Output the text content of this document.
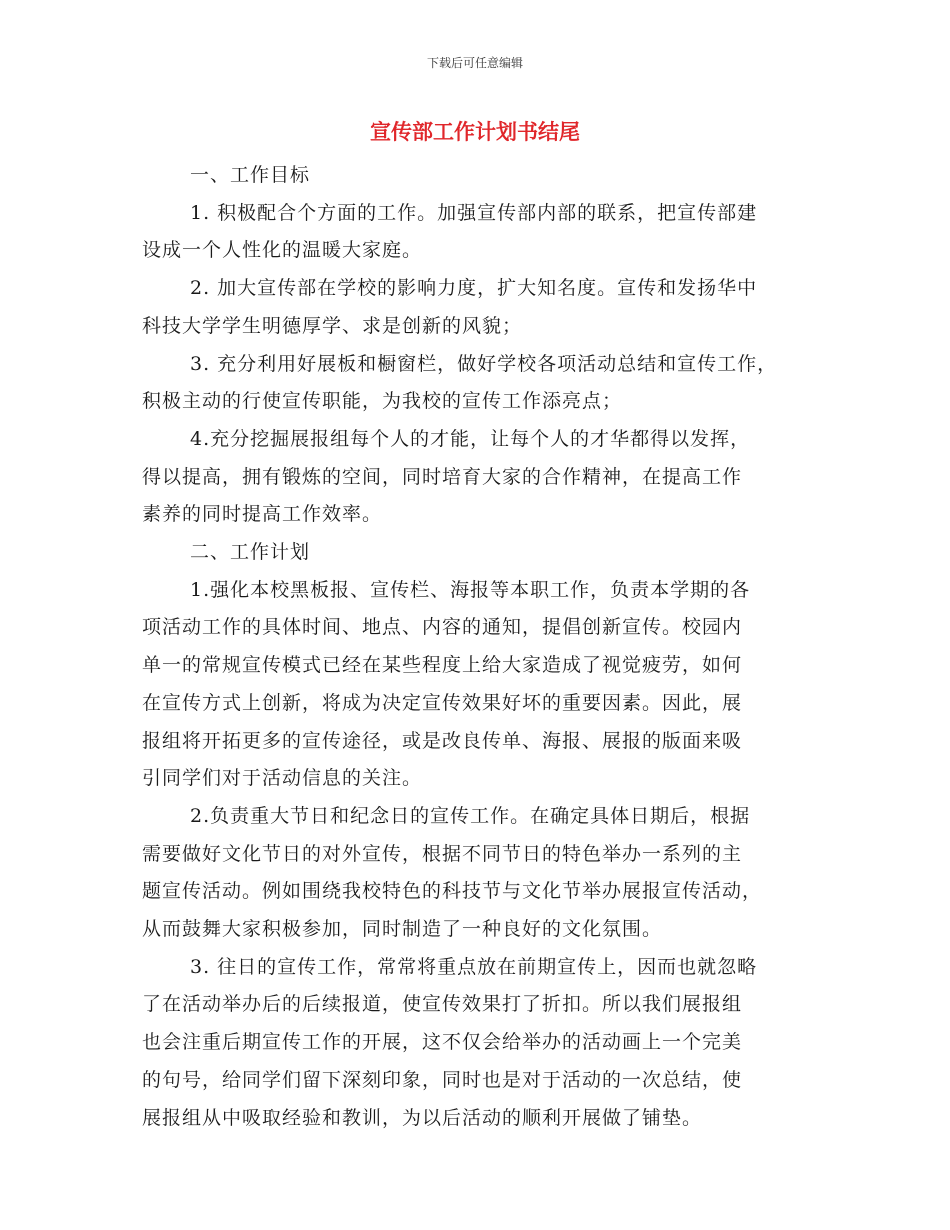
下载后可任意编辑
宣传部工作计划书结尾

一、工作目标

1. 积极配合个方面的工作。加强宣传部内部的联系，把宣传部建
设成一个人性化的温暖大家庭。

2. 加大宣传部在学校的影响力度，扩大知名度。宣传和发扬华中
科技大学学生明德厚学、求是创新的风貌；

3. 充分利用好展板和橱窗栏，做好学校各项活动总结和宣传工作，
积极主动的行使宣传职能，为我校的宣传工作添亮点；

4.充分挖掘展报组每个人的才能，让每个人的才华都得以发挥，
得以提高，拥有锻炼的空间，同时培育大家的合作精神，在提高工作
素养的同时提高工作效率。

二、工作计划

1.强化本校黑板报、宣传栏、海报等本职工作，负责本学期的各
项活动工作的具体时间、地点、内容的通知，提倡创新宣传。校园内
单一的常规宣传模式已经在某些程度上给大家造成了视觉疲劳，如何
在宣传方式上创新，将成为决定宣传效果好坏的重要因素。因此，展
报组将开拓更多的宣传途径，或是改良传单、海报、展报的版面来吸
引同学们对于活动信息的关注。

2.负责重大节日和纪念日的宣传工作。在确定具体日期后，根据
需要做好文化节日的对外宣传，根据不同节日的特色举办一系列的主
题宣传活动。例如围绕我校特色的科技节与文化节举办展报宣传活动，
从而鼓舞大家积极参加，同时制造了一种良好的文化氛围。

3. 往日的宣传工作，常常将重点放在前期宣传上，因而也就忽略
了在活动举办后的后续报道，使宣传效果打了折扣。所以我们展报组
也会注重后期宣传工作的开展，这不仅会给举办的活动画上一个完美
的句号，给同学们留下深刻印象，同时也是对于活动的一次总结，使
展报组从中吸取经验和教训，为以后活动的顺利开展做了铺垫。
